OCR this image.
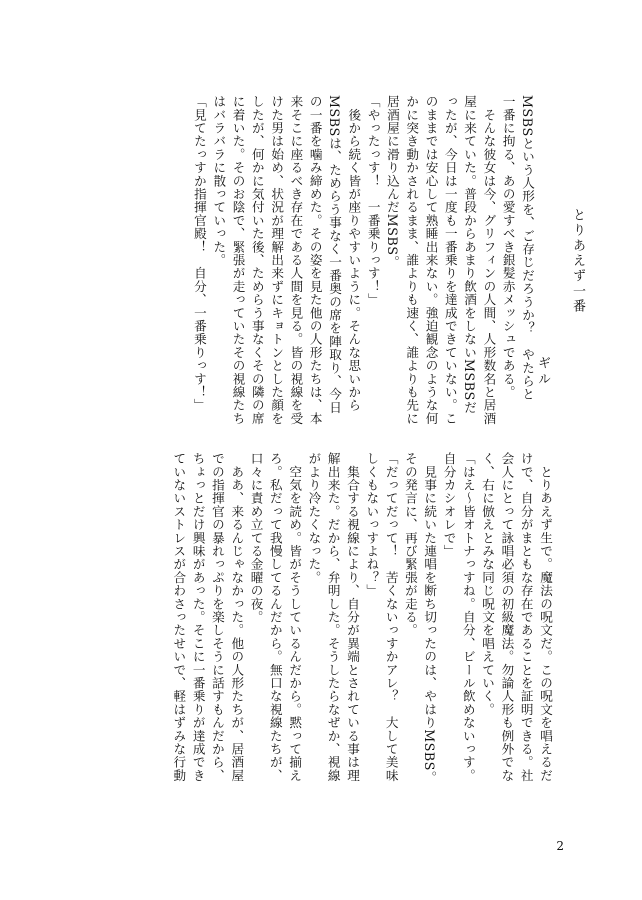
とりあえず一番
ギル
MSBSという人形を、ご存じだろうか？　やたらと
一番に拘る、あの愛すべき銀髪赤メッシュである。
　そんな彼女は今、グリフィンの人間、人形数名と居酒
屋に来ていた。普段からあまり飲酒をしないMSBSだ
ったが、今日は一度も一番乗りを達成できていない。こ
のままでは安心して熟睡出来ない。強迫観念のような何
かに突き動かされるまま、誰よりも速く、誰よりも先に
居酒屋に滑り込んだMSBS。
「やったっす！　一番乗りっす！」
　後から続く皆が座りやすいように。そんな思いから
MSBSは、ためらう事なく一番奥の席を陣取り、今日
の一番を噛み締めた。その姿を見た他の人形たちは、本
来そこに座るべき存在である人間を見る。皆の視線を受
けた男は始め、状況が理解出来ずにキョトンとした顔を
したが、何かに気付いた後、ためらう事なくその隣の席
に着いた。そのお陰で、緊張が走っていたその視線たち
はバラバラに散っていった。
「見てたっすか指揮官殿！　自分、一番乗りっす！」
　とりあえず生で。魔法の呪文だ。この呪文を唱えるだ
けで、自分がまともな存在であることを証明できる。社
会人にとって詠唱必須の初級魔法。勿論人形も例外でな
く、右に倣えとみな同じ呪文を唱えていく。
「はえ〜皆オトナっすね。自分、ビール飲めないっす。
自分カシオレで」
　見事に続いた連唱を断ち切ったのは、やはりMSBS。
その発言に、再び緊張が走る。
「だってだって！　苦くないっすかアレ？　大して美味
しくもないっすよね？」
　集合する視線により、自分が異端とされている事は理
解出来た。だから、弁明した。そうしたらなぜか、視線
がより冷たくなった。
　空気を読め。皆がそうしているんだから。黙って揃え
ろ。私だって我慢してるんだから。無口な視線たちが、
口々に責め立てる金曜の夜。
　ああ、来るんじゃなかった。他の人形たちが、居酒屋
での指揮官の暴れっぷりを楽しそうに話すもんだから、
ちょっとだけ興味があった。そこに一番乗りが達成でき
ていないストレスが合わさったせいで、軽はずみな行動
2
